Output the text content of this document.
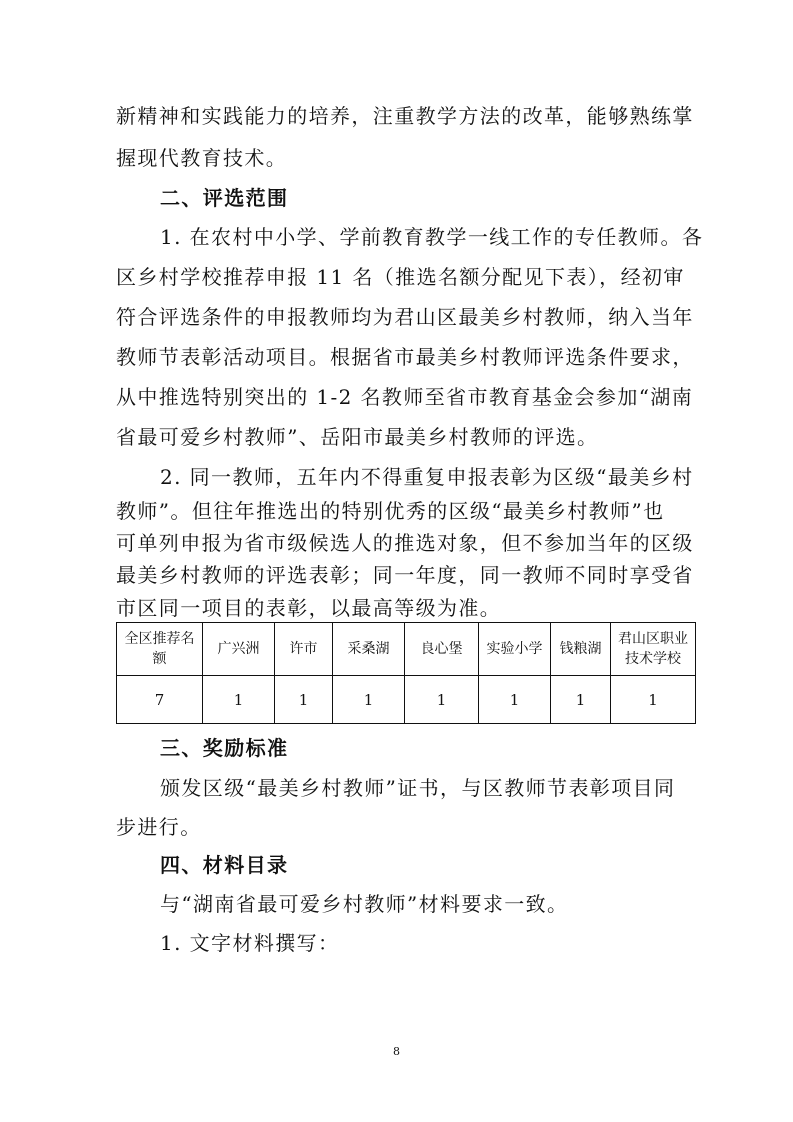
新精神和实践能力的培养，注重教学方法的改革，能够熟练掌
握现代教育技术。
二、评选范围
1. 在农村中小学、学前教育教学一线工作的专任教师。各
区乡村学校推荐申报 11 名（推选名额分配见下表），经初审
符合评选条件的申报教师均为君山区最美乡村教师，纳入当年
教师节表彰活动项目。根据省市最美乡村教师评选条件要求，
从中推选特别突出的 1-2 名教师至省市教育基金会参加“湖南
省最可爱乡村教师”、岳阳市最美乡村教师的评选。
2. 同一教师，五年内不得重复申报表彰为区级“最美乡村
教师”。但往年推选出的特别优秀的区级“最美乡村教师”也
可单列申报为省市级候选人的推选对象，但不参加当年的区级
最美乡村教师的评选表彰；同一年度，同一教师不同时享受省
全区推荐名额	广兴洲	许市	采桑湖	良心堡	实验小学	钱粮湖	君山区职业技术学校
7	1	1	1	1	1	1	1
三、奖励标准
颁发区级“最美乡村教师”证书，与区教师节表彰项目同
步进行。
四、材料目录
与“湖南省最可爱乡村教师”材料要求一致。
1. 文字材料撰写：
8
市区同一项目的表彰，以最高等级为准。
